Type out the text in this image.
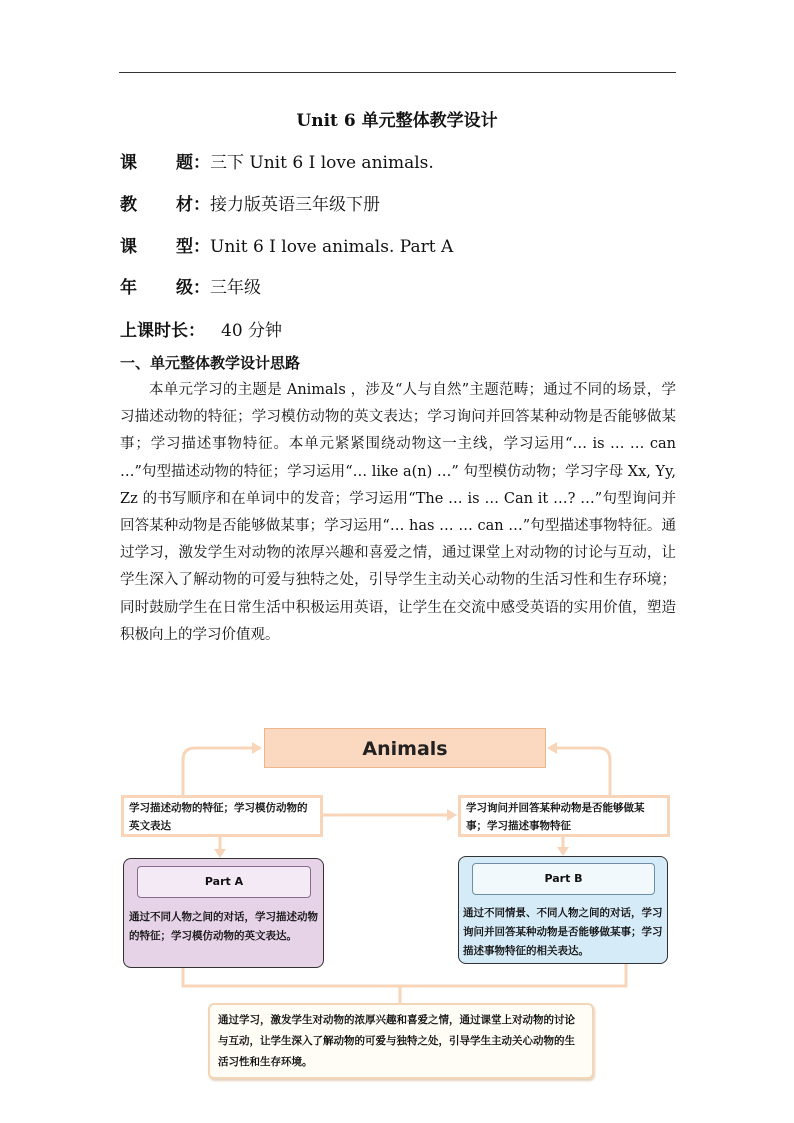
Unit 6 单元整体教学设计
课 题：三下 Unit 6 I love animals.
教 材：接力版英语三年级下册
课 型：Unit 6 I love animals. Part A
年 级：三年级
上课时长： 40 分钟
一、单元整体教学设计思路
本单元学习的主题是 Animals ，涉及“人与自然”主题范畴；通过不同的场景，学习描述动物的特征；学习模仿动物的英文表达；学习询问并回答某种动物是否能够做某事；学习描述事物特征。本单元紧紧围绕动物这一主线，学习运用“… is … … can …”句型描述动物的特征；学习运用“… like a(n) …” 句型模仿动物；学习字母 Xx, Yy, Zz 的书写顺序和在单词中的发音；学习运用“The … is … Can it …? …”句型询问并回答某种动物是否能够做某事；学习运用“… has … … can …”句型描述事物特征。通过学习，激发学生对动物的浓厚兴趣和喜爱之情，通过课堂上对动物的讨论与互动，让学生深入了解动物的可爱与独特之处，引导学生主动关心动物的生活习性和生存环境；同时鼓励学生在日常生活中积极运用英语，让学生在交流中感受英语的实用价值，塑造积极向上的学习价值观。
Animals
学习描述动物的特征；学习模仿动物的英文表达
学习询问并回答某种动物是否能够做某事；学习描述事物特征
Part A
通过不同人物之间的对话，学习描述动物的特征；学习模仿动物的英文表达。
Part B
通过不同情景、不同人物之间的对话，学习询问并回答某种动物是否能够做某事；学习描述事物特征的相关表达。
通过学习，激发学生对动物的浓厚兴趣和喜爱之情，通过课堂上对动物的讨论与互动，让学生深入了解动物的可爱与独特之处，引导学生主动关心动物的生活习性和生存环境。
